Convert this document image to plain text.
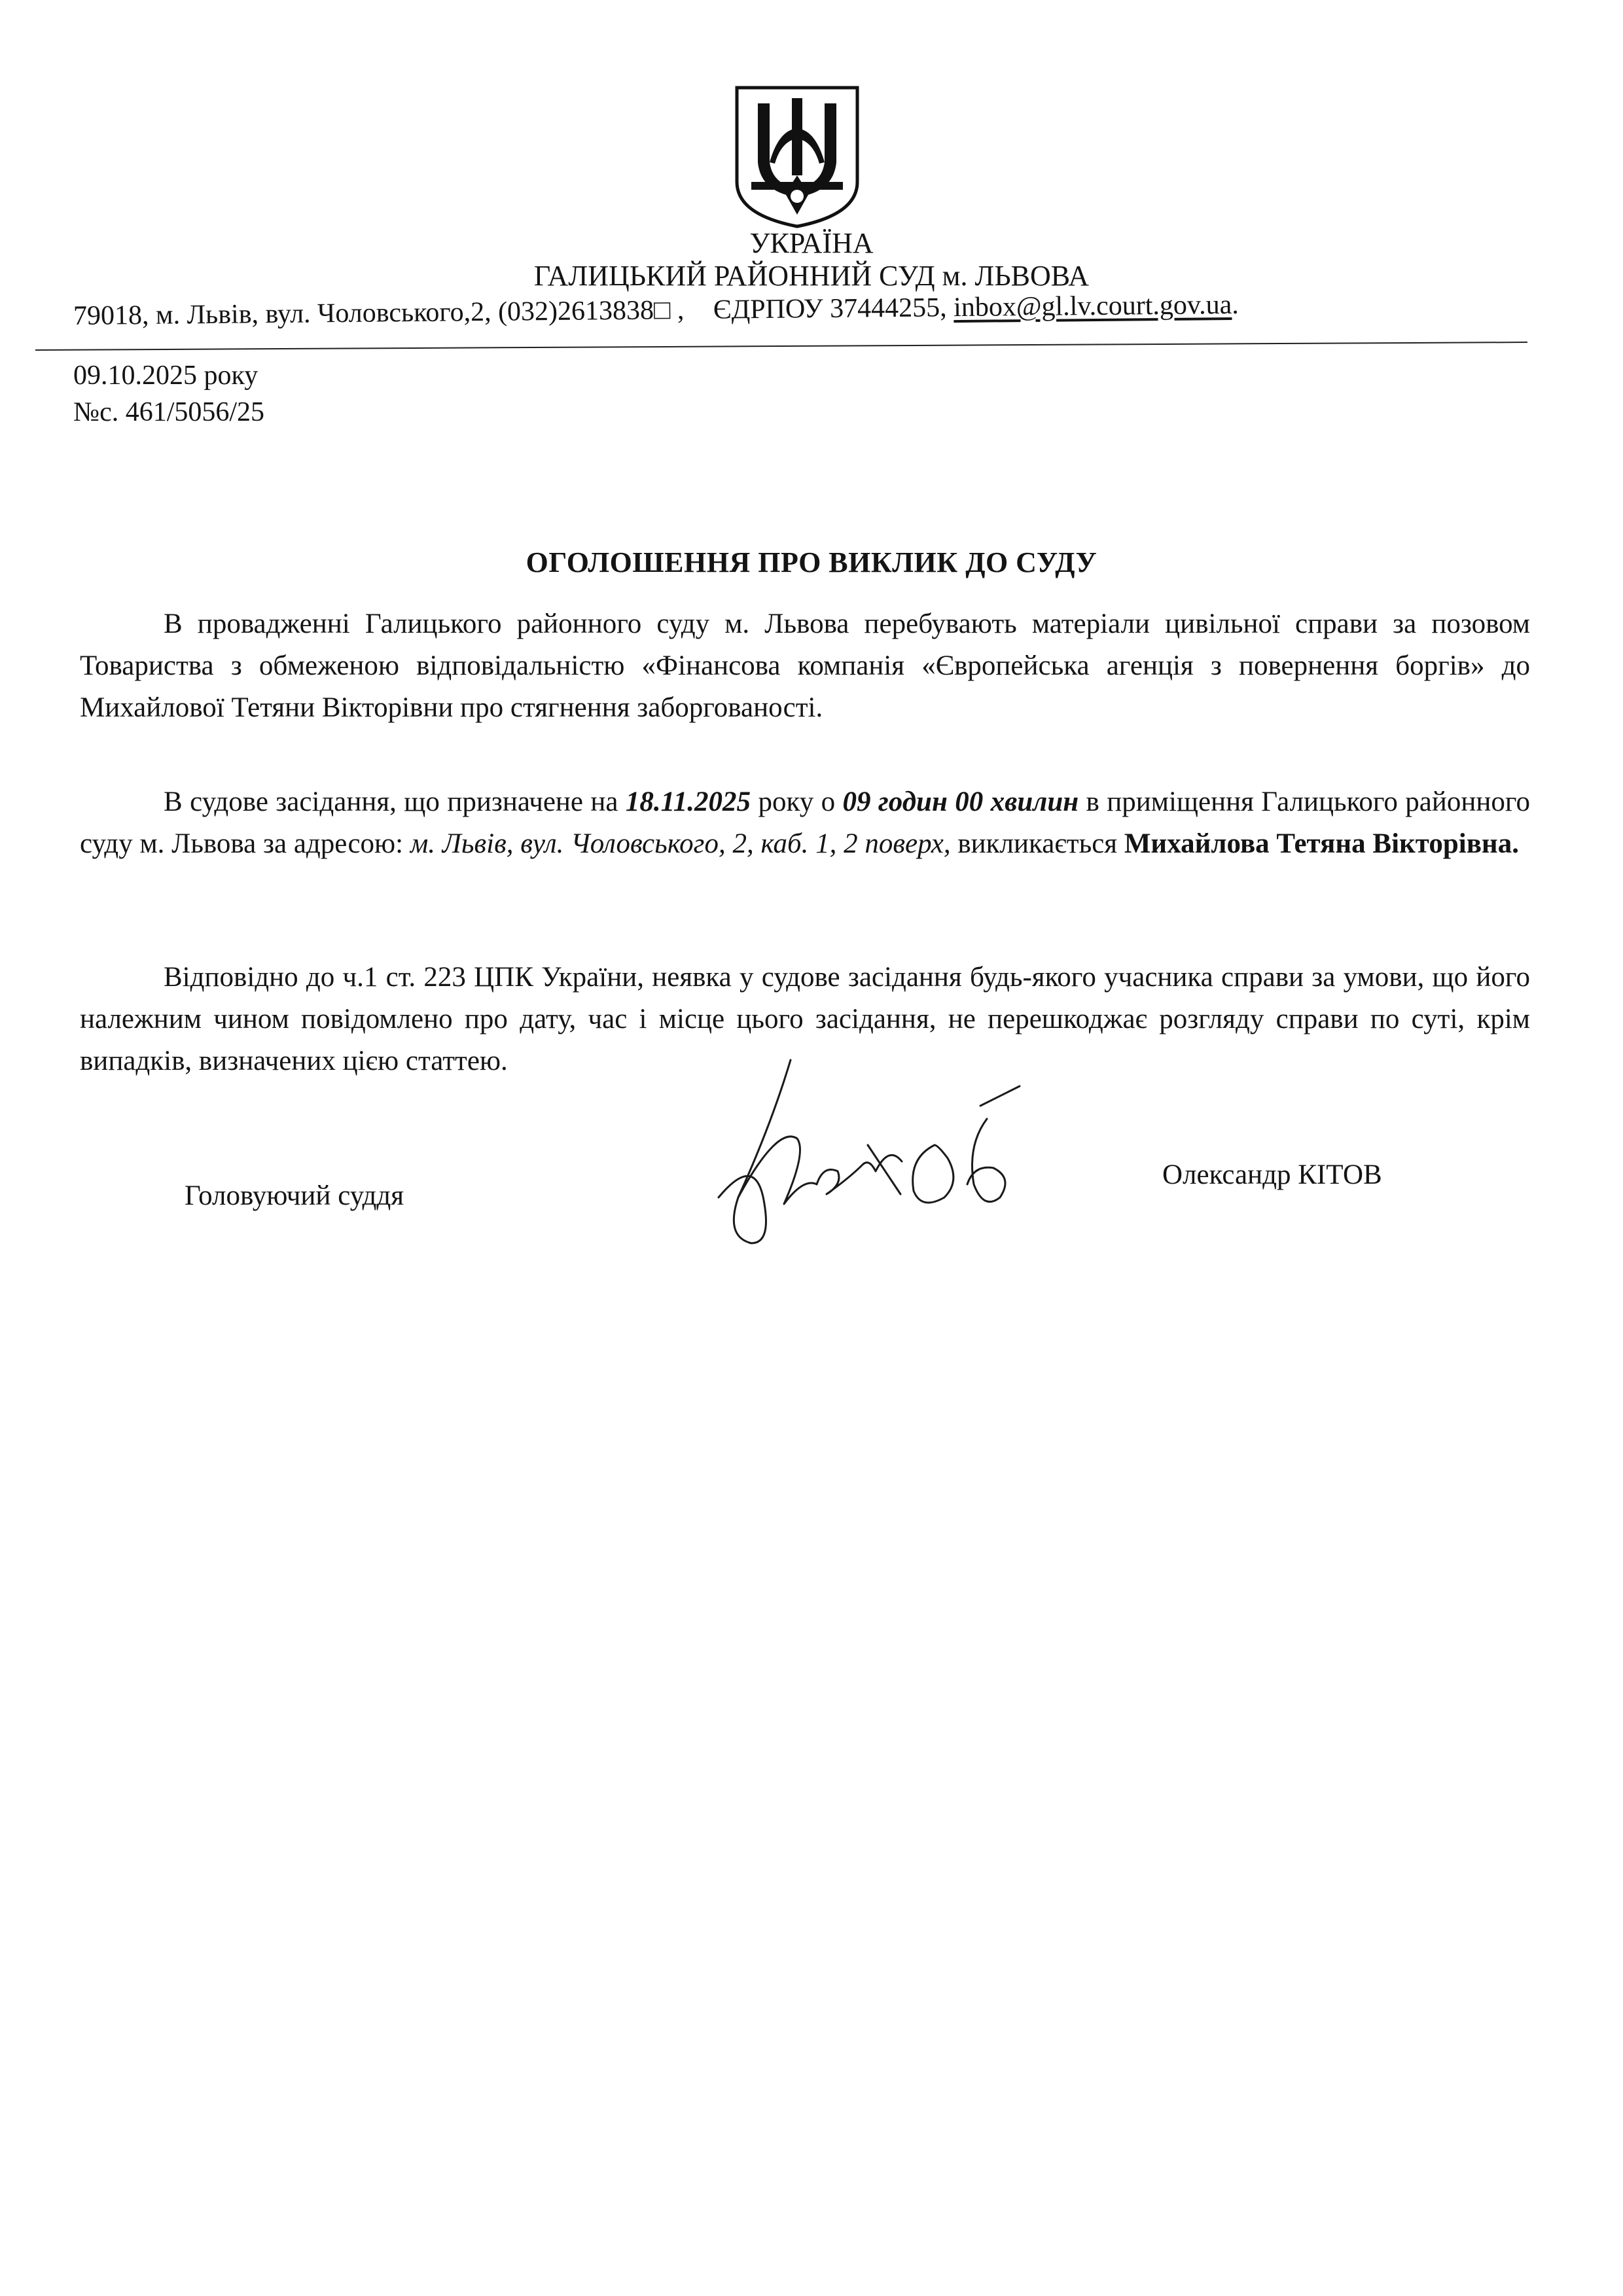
УКРАЇНА
ГАЛИЦЬКИЙ РАЙОННИЙ СУД м. ЛЬВОВА
79018, м. Львів, вул. Чоловського,2, (032)2613838□ , ЄДРПОУ 37444255, inbox@gl.lv.court.gov.ua.
09.10.2025 року
№с. 461/5056/25
ОГОЛОШЕННЯ ПРО ВИКЛИК ДО СУДУ
В провадженні Галицького районного суду м. Львова перебувають матеріали цивільної справи за позовом Товариства з обмеженою відповідальністю «Фінансова компанія «Європейська агенція з повернення боргів» до Михайлової Тетяни Вікторівни про стягнення заборгованості.
В судове засідання, що призначене на 18.11.2025 року о 09 годин 00 хвилин в приміщення Галицького районного суду м. Львова за адресою: м. Львів, вул. Чоловського, 2, каб. 1, 2 поверх, викликається Михайлова Тетяна Вікторівна.
Відповідно до ч.1 ст. 223 ЦПК України, неявка у судове засідання будь-якого учасника справи за умови, що його належним чином повідомлено про дату, час і місце цього засідання, не перешкоджає розгляду справи по суті, крім випадків, визначених цією статтею.
Головуючий суддя
Олександр КІТОВ
